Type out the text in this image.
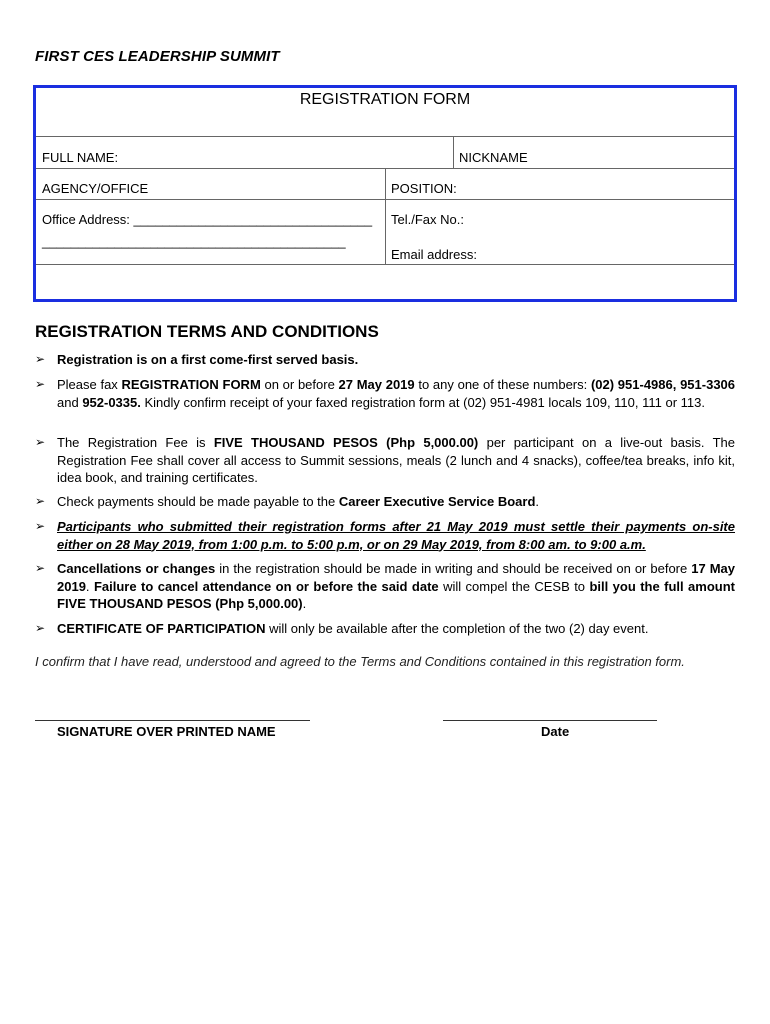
FIRST CES LEADERSHIP SUMMIT
REGISTRATION FORM
FULL NAME:	NICKNAME
AGENCY/OFFICE	POSITION:
Office Address: _________________________________
__________________________________________
Tel./Fax No.:
Email address:
REGISTRATION TERMS AND CONDITIONS
➢ Registration is on a first come-first served basis.
➢ Please fax REGISTRATION FORM on or before 27 May 2019 to any one of these numbers: (02) 951-4986, 951-3306 and 952-0335. Kindly confirm receipt of your faxed registration form at (02) 951-4981 locals 109, 110, 111 or 113.
➢ The Registration Fee is FIVE THOUSAND PESOS (Php 5,000.00) per participant on a live-out basis. The Registration Fee shall cover all access to Summit sessions, meals (2 lunch and 4 snacks), coffee/tea breaks, info kit, idea book, and training certificates.
➢ Check payments should be made payable to the Career Executive Service Board.
➢ Participants who submitted their registration forms after 21 May 2019 must settle their payments on-site either on 28 May 2019, from 1:00 p.m. to 5:00 p.m, or on 29 May 2019, from 8:00 am. to 9:00 a.m.
➢ Cancellations or changes in the registration should be made in writing and should be received on or before 17 May 2019. Failure to cancel attendance on or before the said date will compel the CESB to bill you the full amount FIVE THOUSAND PESOS (Php 5,000.00).
➢ CERTIFICATE OF PARTICIPATION will only be available after the completion of the two (2) day event.
I confirm that I have read, understood and agreed to the Terms and Conditions contained in this registration form.
SIGNATURE OVER PRINTED NAME	Date
